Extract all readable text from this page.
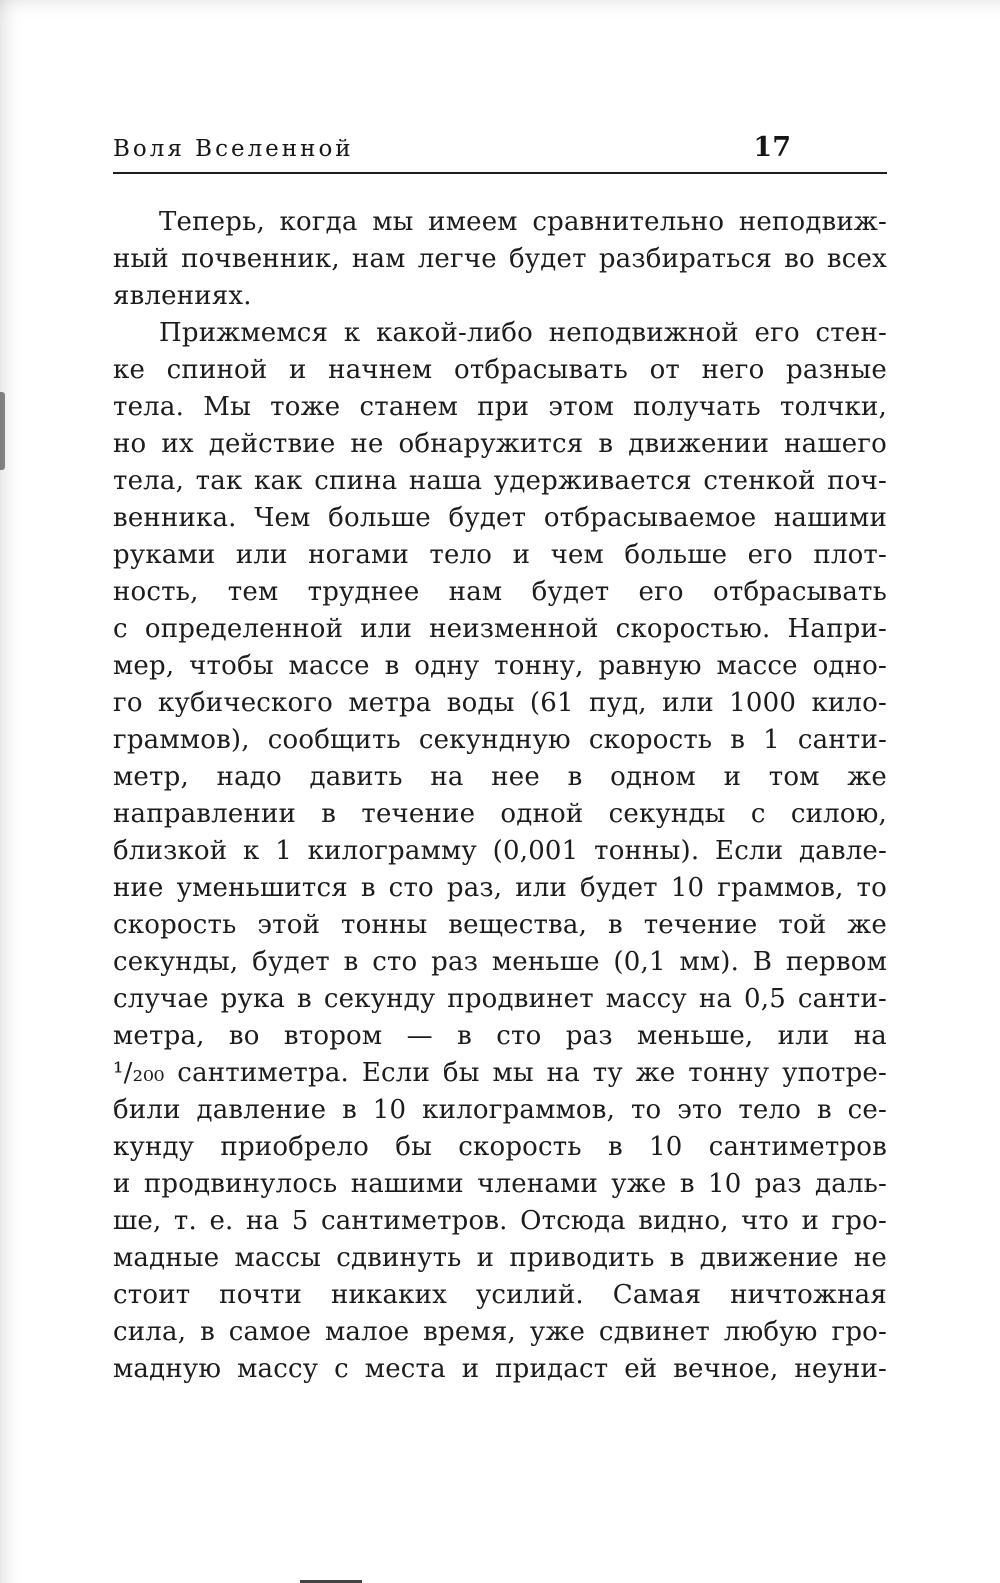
Воля Вселенной	17
Теперь, когда мы имеем сравнительно неподвиж-
ный почвенник, нам легче будет разбираться во всех
явлениях.
Прижмемся к какой-либо неподвижной его стен-
ке спиной и начнем отбрасывать от него разные
тела. Мы тоже станем при этом получать толчки,
но их действие не обнаружится в движении нашего
тела, так как спина наша удерживается стенкой поч-
венника. Чем больше будет отбрасываемое нашими
руками или ногами тело и чем больше его плот-
ность, тем труднее нам будет его отбрасывать
с определенной или неизменной скоростью. Напри-
мер, чтобы массе в одну тонну, равную массе одно-
го кубического метра воды (61 пуд, или 1000 кило-
граммов), сообщить секундную скорость в 1 санти-
метр, надо давить на нее в одном и том же
направлении в течение одной секунды с силою,
близкой к 1 килограмму (0,001 тонны). Если давле-
ние уменьшится в сто раз, или будет 10 граммов, то
скорость этой тонны вещества, в течение той же
секунды, будет в сто раз меньше (0,1 мм). В первом
случае рука в секунду продвинет массу на 0,5 санти-
метра, во втором — в сто раз меньше, или на
¹/₂₀₀ сантиметра. Если бы мы на ту же тонну употре-
били давление в 10 килограммов, то это тело в се-
кунду приобрело бы скорость в 10 сантиметров
и продвинулось нашими членами уже в 10 раз даль-
ше, т. е. на 5 сантиметров. Отсюда видно, что и гро-
мадные массы сдвинуть и приводить в движение не
стоит почти никаких усилий. Самая ничтожная
сила, в самое малое время, уже сдвинет любую гро-
мадную массу с места и придаст ей вечное, неуни-
